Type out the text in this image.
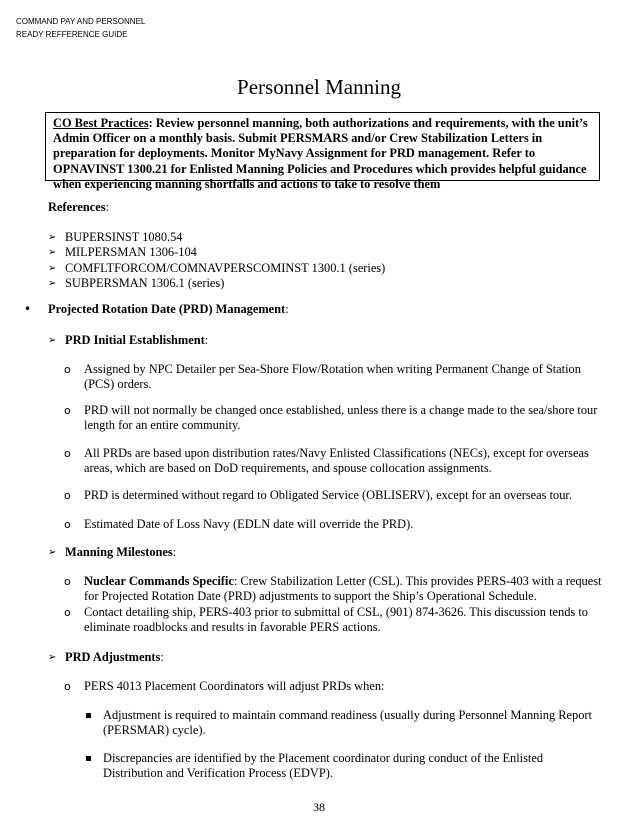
COMMAND PAY AND PERSONNEL
READY REFFERENCE GUIDE
Personnel Manning
CO Best Practices: Review personnel manning, both authorizations and requirements, with the unit’s Admin Officer on a monthly basis. Submit PERSMARS and/or Crew Stabilization Letters in preparation for deployments. Monitor MyNavy Assignment for PRD management. Refer to OPNAVINST 1300.21 for Enlisted Manning Policies and Procedures which provides helpful guidance when experiencing manning shortfalls and actions to take to resolve them
References:
➢ BUPERSINST 1080.54
➢ MILPERSMAN 1306-104
➢ COMFLTFORCOM/COMNAVPERSCOMINST 1300.1 (series)
➢ SUBPERSMAN 1306.1 (series)
• Projected Rotation Date (PRD) Management:
➢ PRD Initial Establishment:
o Assigned by NPC Detailer per Sea-Shore Flow/Rotation when writing Permanent Change of Station (PCS) orders.
o PRD will not normally be changed once established, unless there is a change made to the sea/shore tour length for an entire community.
o All PRDs are based upon distribution rates/Navy Enlisted Classifications (NECs), except for overseas areas, which are based on DoD requirements, and spouse collocation assignments.
o PRD is determined without regard to Obligated Service (OBLISERV), except for an overseas tour.
o Estimated Date of Loss Navy (EDLN date will override the PRD).
➢ Manning Milestones:
o Nuclear Commands Specific: Crew Stabilization Letter (CSL). This provides PERS-403 with a request for Projected Rotation Date (PRD) adjustments to support the Ship’s Operational Schedule.
o Contact detailing ship, PERS-403 prior to submittal of CSL, (901) 874-3626. This discussion tends to eliminate roadblocks and results in favorable PERS actions.
➢ PRD Adjustments:
o PERS 4013 Placement Coordinators will adjust PRDs when:
Adjustment is required to maintain command readiness (usually during Personnel Manning Report (PERSMAR) cycle).
Discrepancies are identified by the Placement coordinator during conduct of the Enlisted Distribution and Verification Process (EDVP).
38
